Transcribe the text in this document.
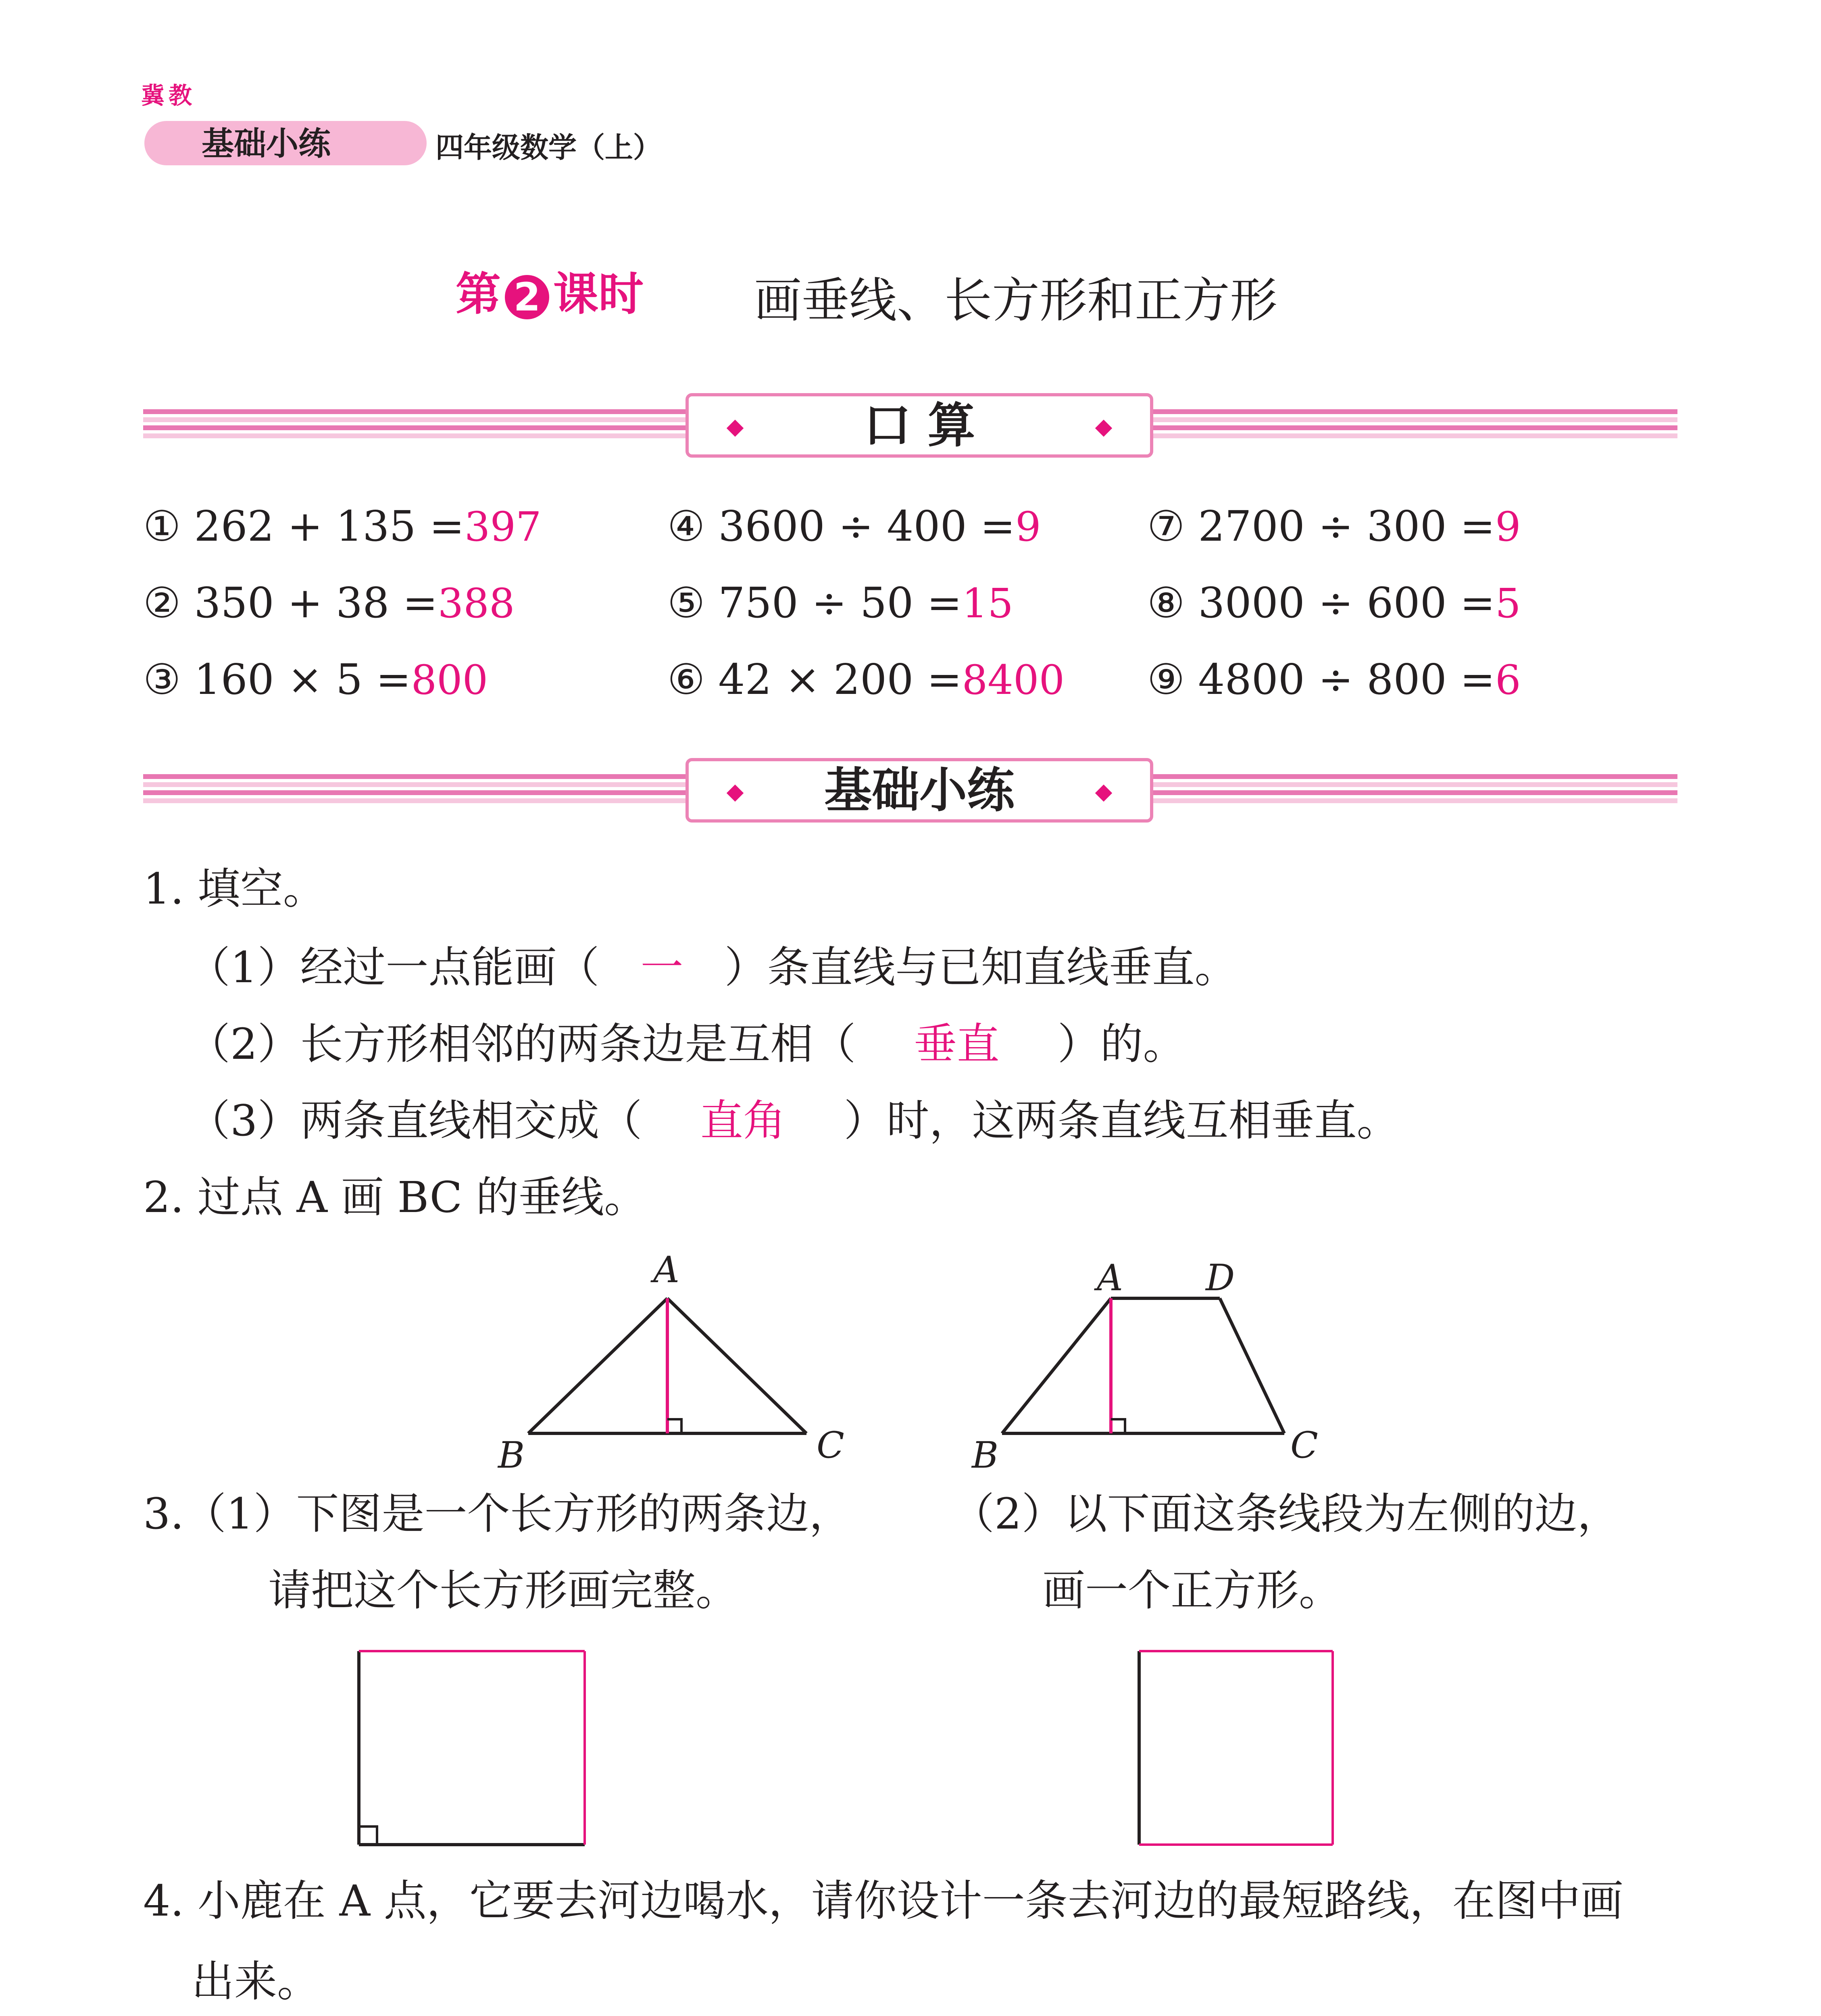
冀教
基础小练	四年级数学（上）
第 2 课时 画垂线、长方形和正方形
口 算
① 262 + 135 =397
② 350 + 38 =388
③ 160 × 5 =800
④ 3600 ÷ 400 =9
⑤ 750 ÷ 50 =15
⑥ 42 × 200 =8400
⑦ 2700 ÷ 300 =9
⑧ 3000 ÷ 600 =5
⑨ 4800 ÷ 800 =6
基础小练
1. 填空。
（1）经过一点能画（ 一 ）条直线与已知直线垂直。
（2）长方形相邻的两条边是互相（ 垂直 ）的。
（3）两条直线相交成（ 直角 ）时，这两条直线互相垂直。
2. 过点 A 画 BC 的垂线。
A
B	C
A D
B	C
3.
（1）下图是一个长方形的两条边，
请把这个长方形画完整。
（2）以下面这条线段为左侧的边，
画一个正方形。
4. 小鹿在 A 点，它要去河边喝水，请你设计一条去河边的最短路线，在图中画
出来。
